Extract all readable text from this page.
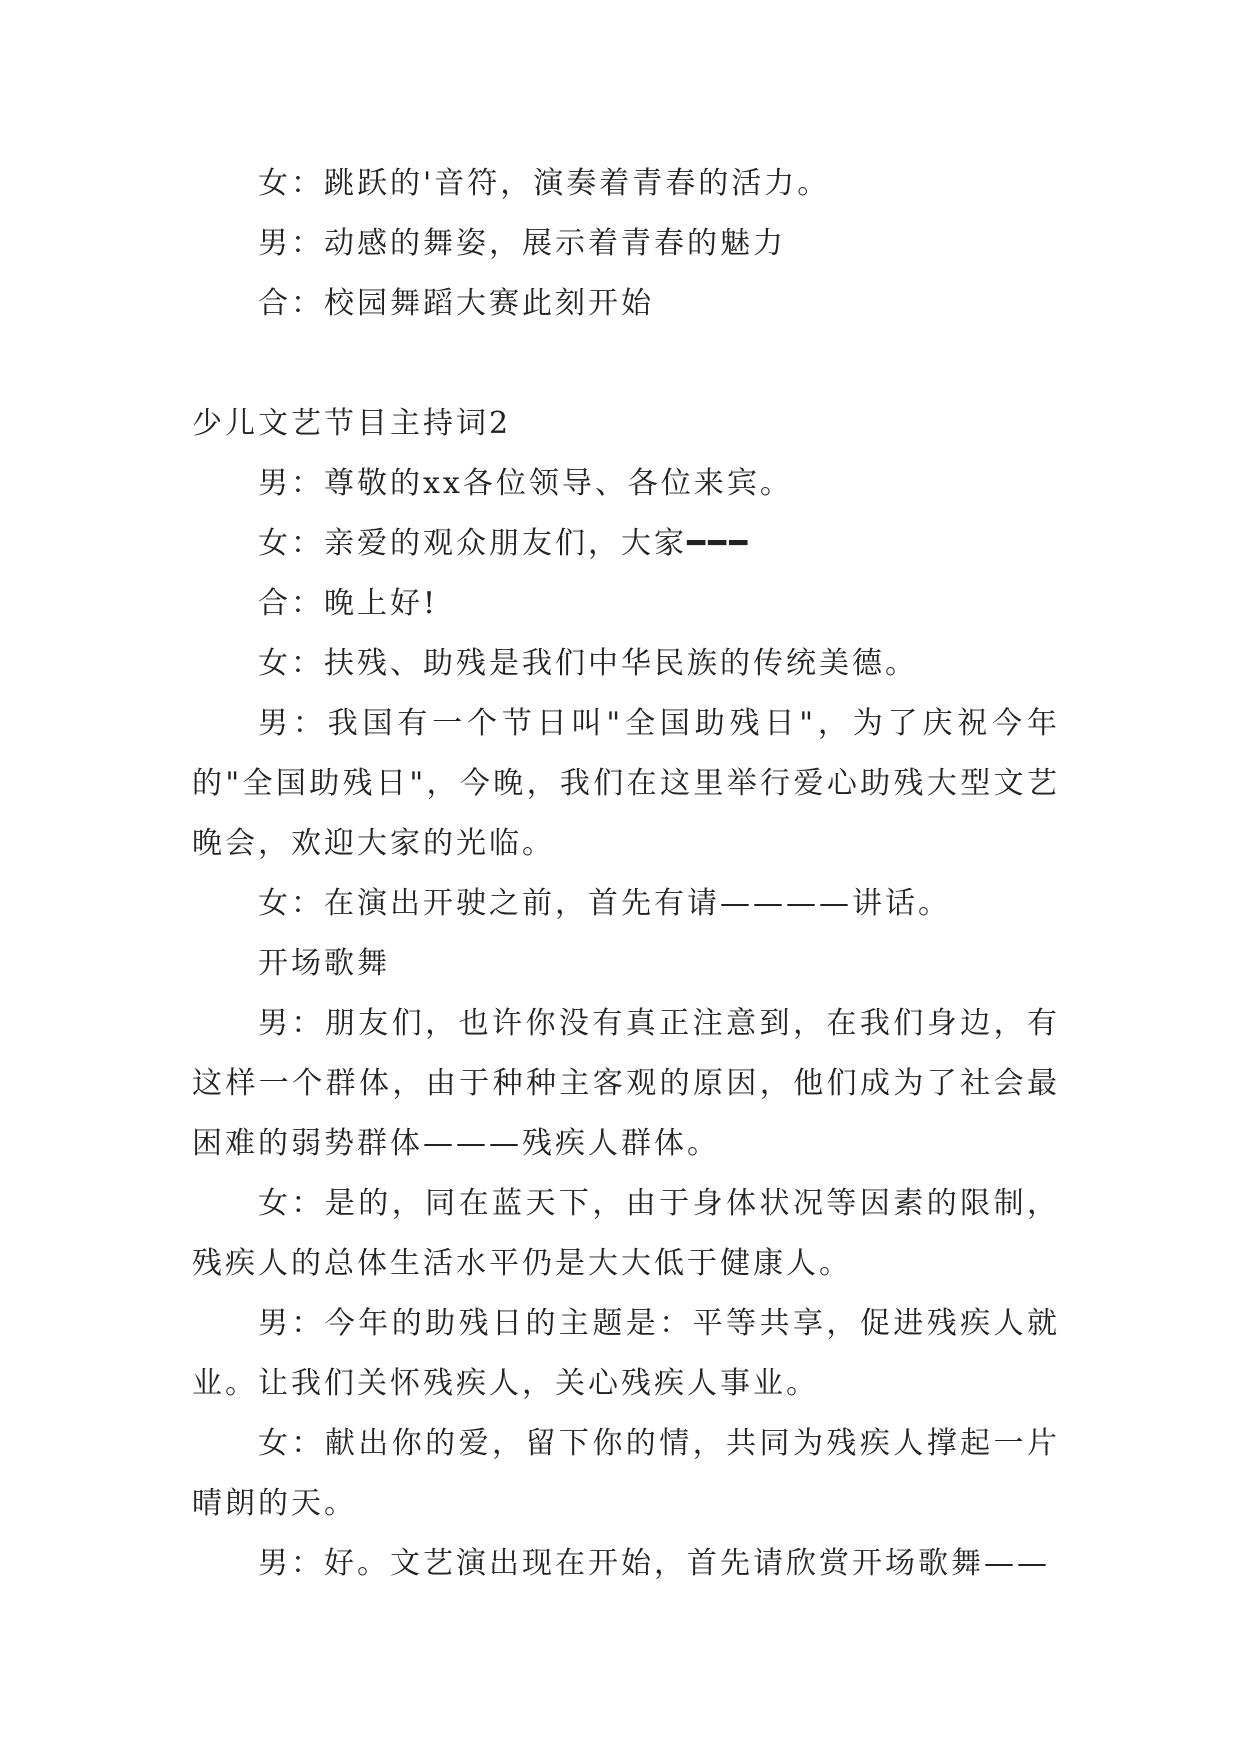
女：跳跃的'音符，演奏着青春的活力。
男：动感的舞姿，展示着青春的魅力
合：校园舞蹈大赛此刻开始
少儿文艺节目主持词2

男：尊敬的xx各位领导、各位来宾。

女：亲爱的观众朋友们，大家━━━

合：晚上好!

女：扶残、助残是我们中华民族的传统美德。

男：我国有一个节日叫"全国助残日"，为了庆祝今年的"全国助残日"，今晚，我们在这里举行爱心助残大型文艺晚会，欢迎大家的光临。

女：在演出开驶之前，首先有请————讲话。

开场歌舞

男：朋友们，也许你没有真正注意到，在我们身边，有这样一个群体，由于种种主客观的原因，他们成为了社会最困难的弱势群体———残疾人群体。

女：是的，同在蓝天下，由于身体状况等因素的限制，残疾人的总体生活水平仍是大大低于健康人。

男：今年的助残日的主题是：平等共享，促进残疾人就业。让我们关怀残疾人，关心残疾人事业。

女：献出你的爱，留下你的情，共同为残疾人撑起一片晴朗的天。

男：好。文艺演出现在开始，首先请欣赏开场歌舞——
